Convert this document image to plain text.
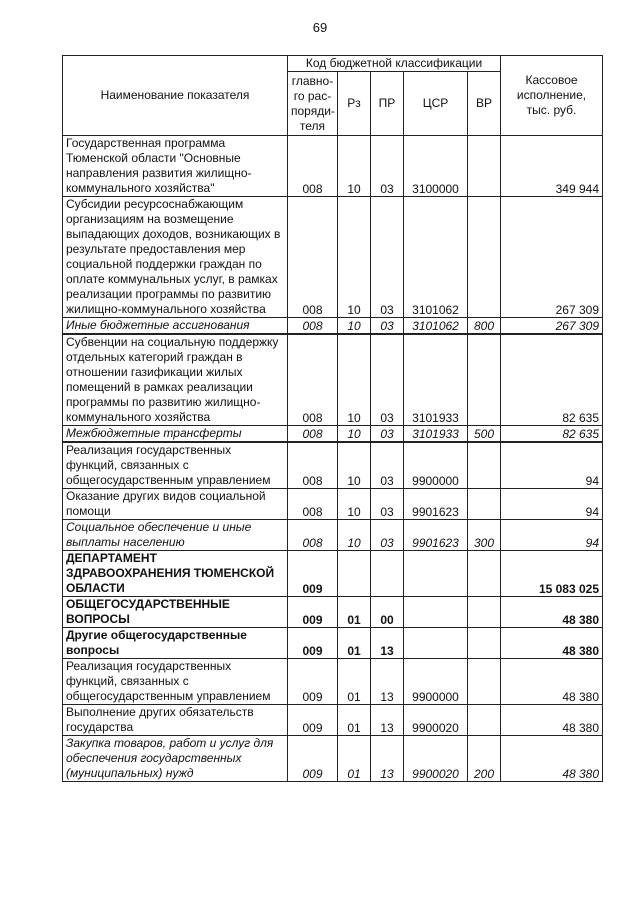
69
Наименование показателя	Код бюджетной классификации					Кассовое исполнение, тыс. руб.
	главно-го рас-поряди-теля	Рз	ПР	ЦСР	ВР	
Государственная программа Тюменской области "Основные направления развития жилищно-коммунального хозяйства"	008	10	03	3100000		349 944
Субсидии ресурсоснабжающим организациям на возмещение выпадающих доходов, возникающих в результате предоставления мер социальной поддержки граждан по оплате коммунальных услуг, в рамках реализации программы по развитию жилищно-коммунального хозяйства	008	10	03	3101062		267 309
Иные бюджетные ассигнования	008	10	03	3101062	800	267 309
Субвенции на социальную поддержку отдельных категорий граждан в отношении газификации жилых помещений в рамках реализации программы по развитию жилищно-коммунального хозяйства	008	10	03	3101933		82 635
Межбюджетные трансферты	008	10	03	3101933	500	82 635
Реализация государственных функций, связанных с общегосударственным управлением	008	10	03	9900000		94
Оказание других видов социальной помощи	008	10	03	9901623		94
Социальное обеспечение и иные выплаты населению	008	10	03	9901623	300	94
ДЕПАРТАМЕНТ ЗДРАВООХРАНЕНИЯ ТЮМЕНСКОЙ ОБЛАСТИ	009					15 083 025
ОБЩЕГОСУДАРСТВЕННЫЕ ВОПРОСЫ	009	01	00			48 380
Другие общегосударственные вопросы	009	01	13			48 380
Реализация государственных функций, связанных с общегосударственным управлением	009	01	13	9900000		48 380
Выполнение других обязательств государства	009	01	13	9900020		48 380
Закупка товаров, работ и услуг для обеспечения государственных (муниципальных) нужд	009	01	13	9900020	200	48 380
